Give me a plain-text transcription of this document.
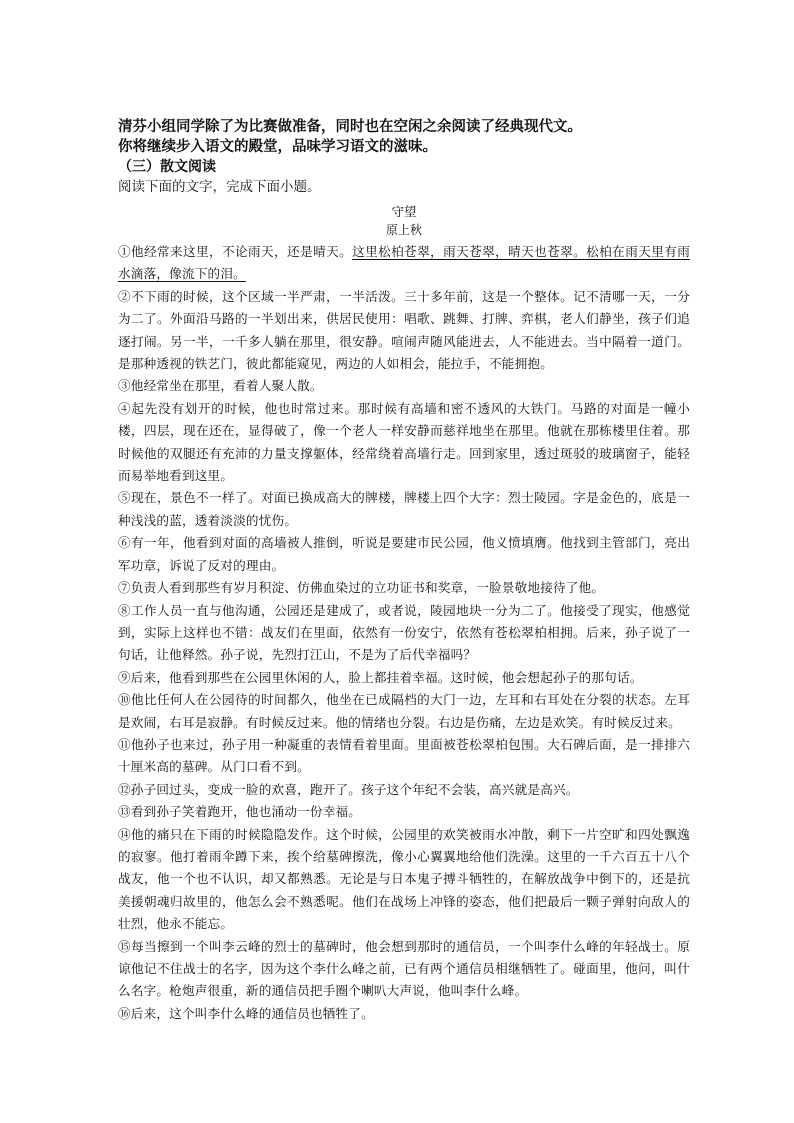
清芬小组同学除了为比赛做准备，同时也在空闲之余阅读了经典现代文。

你将继续步入语文的殿堂，品味学习语文的滋味。

（三）散文阅读

阅读下面的文字，完成下面小题。

守望

原上秋

①他经常来这里，不论雨天，还是晴天。这里松柏苍翠，雨天苍翠，晴天也苍翠。松柏在雨天里有雨水滴落，像流下的泪。

②不下雨的时候，这个区域一半严肃，一半活泼。三十多年前，这是一个整体。记不清哪一天，一分为二了。外面沿马路的一半划出来，供居民使用：唱歌、跳舞、打牌、弈棋，老人们静坐，孩子们追逐打闹。另一半，一千多人躺在那里，很安静。喧闹声随风能进去，人不能进去。当中隔着一道门。是那种透视的铁艺门，彼此都能窥见，两边的人如相会，能拉手，不能拥抱。

③他经常坐在那里，看着人聚人散。

④起先没有划开的时候，他也时常过来。那时候有高墙和密不透风的大铁门。马路的对面是一幢小楼，四层，现在还在，显得破了，像一个老人一样安静而慈祥地坐在那里。他就在那栋楼里住着。那时候他的双腿还有充沛的力量支撑躯体，经常绕着高墙行走。回到家里，透过斑驳的玻璃窗子，能轻而易举地看到这里。

⑤现在，景色不一样了。对面已换成高大的牌楼，牌楼上四个大字：烈士陵园。字是金色的，底是一种浅浅的蓝，透着淡淡的忧伤。

⑥有一年，他看到对面的高墙被人推倒，听说是要建市民公园，他义愤填膺。他找到主管部门，亮出军功章，诉说了反对的理由。

⑦负责人看到那些有岁月积淀、仿佛血染过的立功证书和奖章，一脸景敬地接待了他。

⑧工作人员一直与他沟通，公园还是建成了，或者说，陵园地块一分为二了。他接受了现实，他感觉到，实际上这样也不错：战友们在里面，依然有一份安宁，依然有苍松翠柏相拥。后来，孙子说了一句话，让他释然。孙子说，先烈打江山，不是为了后代幸福吗？

⑨后来，他看到那些在公园里休闲的人，脸上都挂着幸福。这时候，他会想起孙子的那句话。

⑩他比任何人在公园待的时间都久，他坐在已成隔档的大门一边，左耳和右耳处在分裂的状态。左耳是欢闹，右耳是寂静。有时候反过来。他的情绪也分裂。右边是伤痛，左边是欢笑。有时候反过来。

⑪他孙子也来过，孙子用一种凝重的表情看着里面。里面被苍松翠柏包围。大石碑后面，是一排排六十厘米高的墓碑。从门口看不到。

⑫孙子回过头，变成一脸的欢喜，跑开了。孩子这个年纪不会装，高兴就是高兴。

⑬看到孙子笑着跑开，他也涌动一份幸福。

⑭他的痛只在下雨的时候隐隐发作。这个时候，公园里的欢笑被雨水冲散，剩下一片空旷和四处飘逸的寂寥。他打着雨伞蹲下来，挨个给墓碑擦洗，像小心翼翼地给他们洗澡。这里的一千六百五十八个战友，他一个也不认识，却又都熟悉。无论是与日本鬼子搏斗牺牲的，在解放战争中倒下的，还是抗美援朝魂归故里的，他怎么会不熟悉呢。他们在战场上冲锋的姿态，他们把最后一颗子弹射向敌人的壮烈，他永不能忘。

⑮每当擦到一个叫李云峰的烈士的墓碑时，他会想到那时的通信员，一个叫李什么峰的年轻战士。原谅他记不住战士的名字，因为这个李什么峰之前，已有两个通信员相继牺牲了。碰面里，他问，叫什么名字。枪炮声很重，新的通信员把手圈个喇叭大声说，他叫李什么峰。

⑯后来，这个叫李什么峰的通信员也牺牲了。
